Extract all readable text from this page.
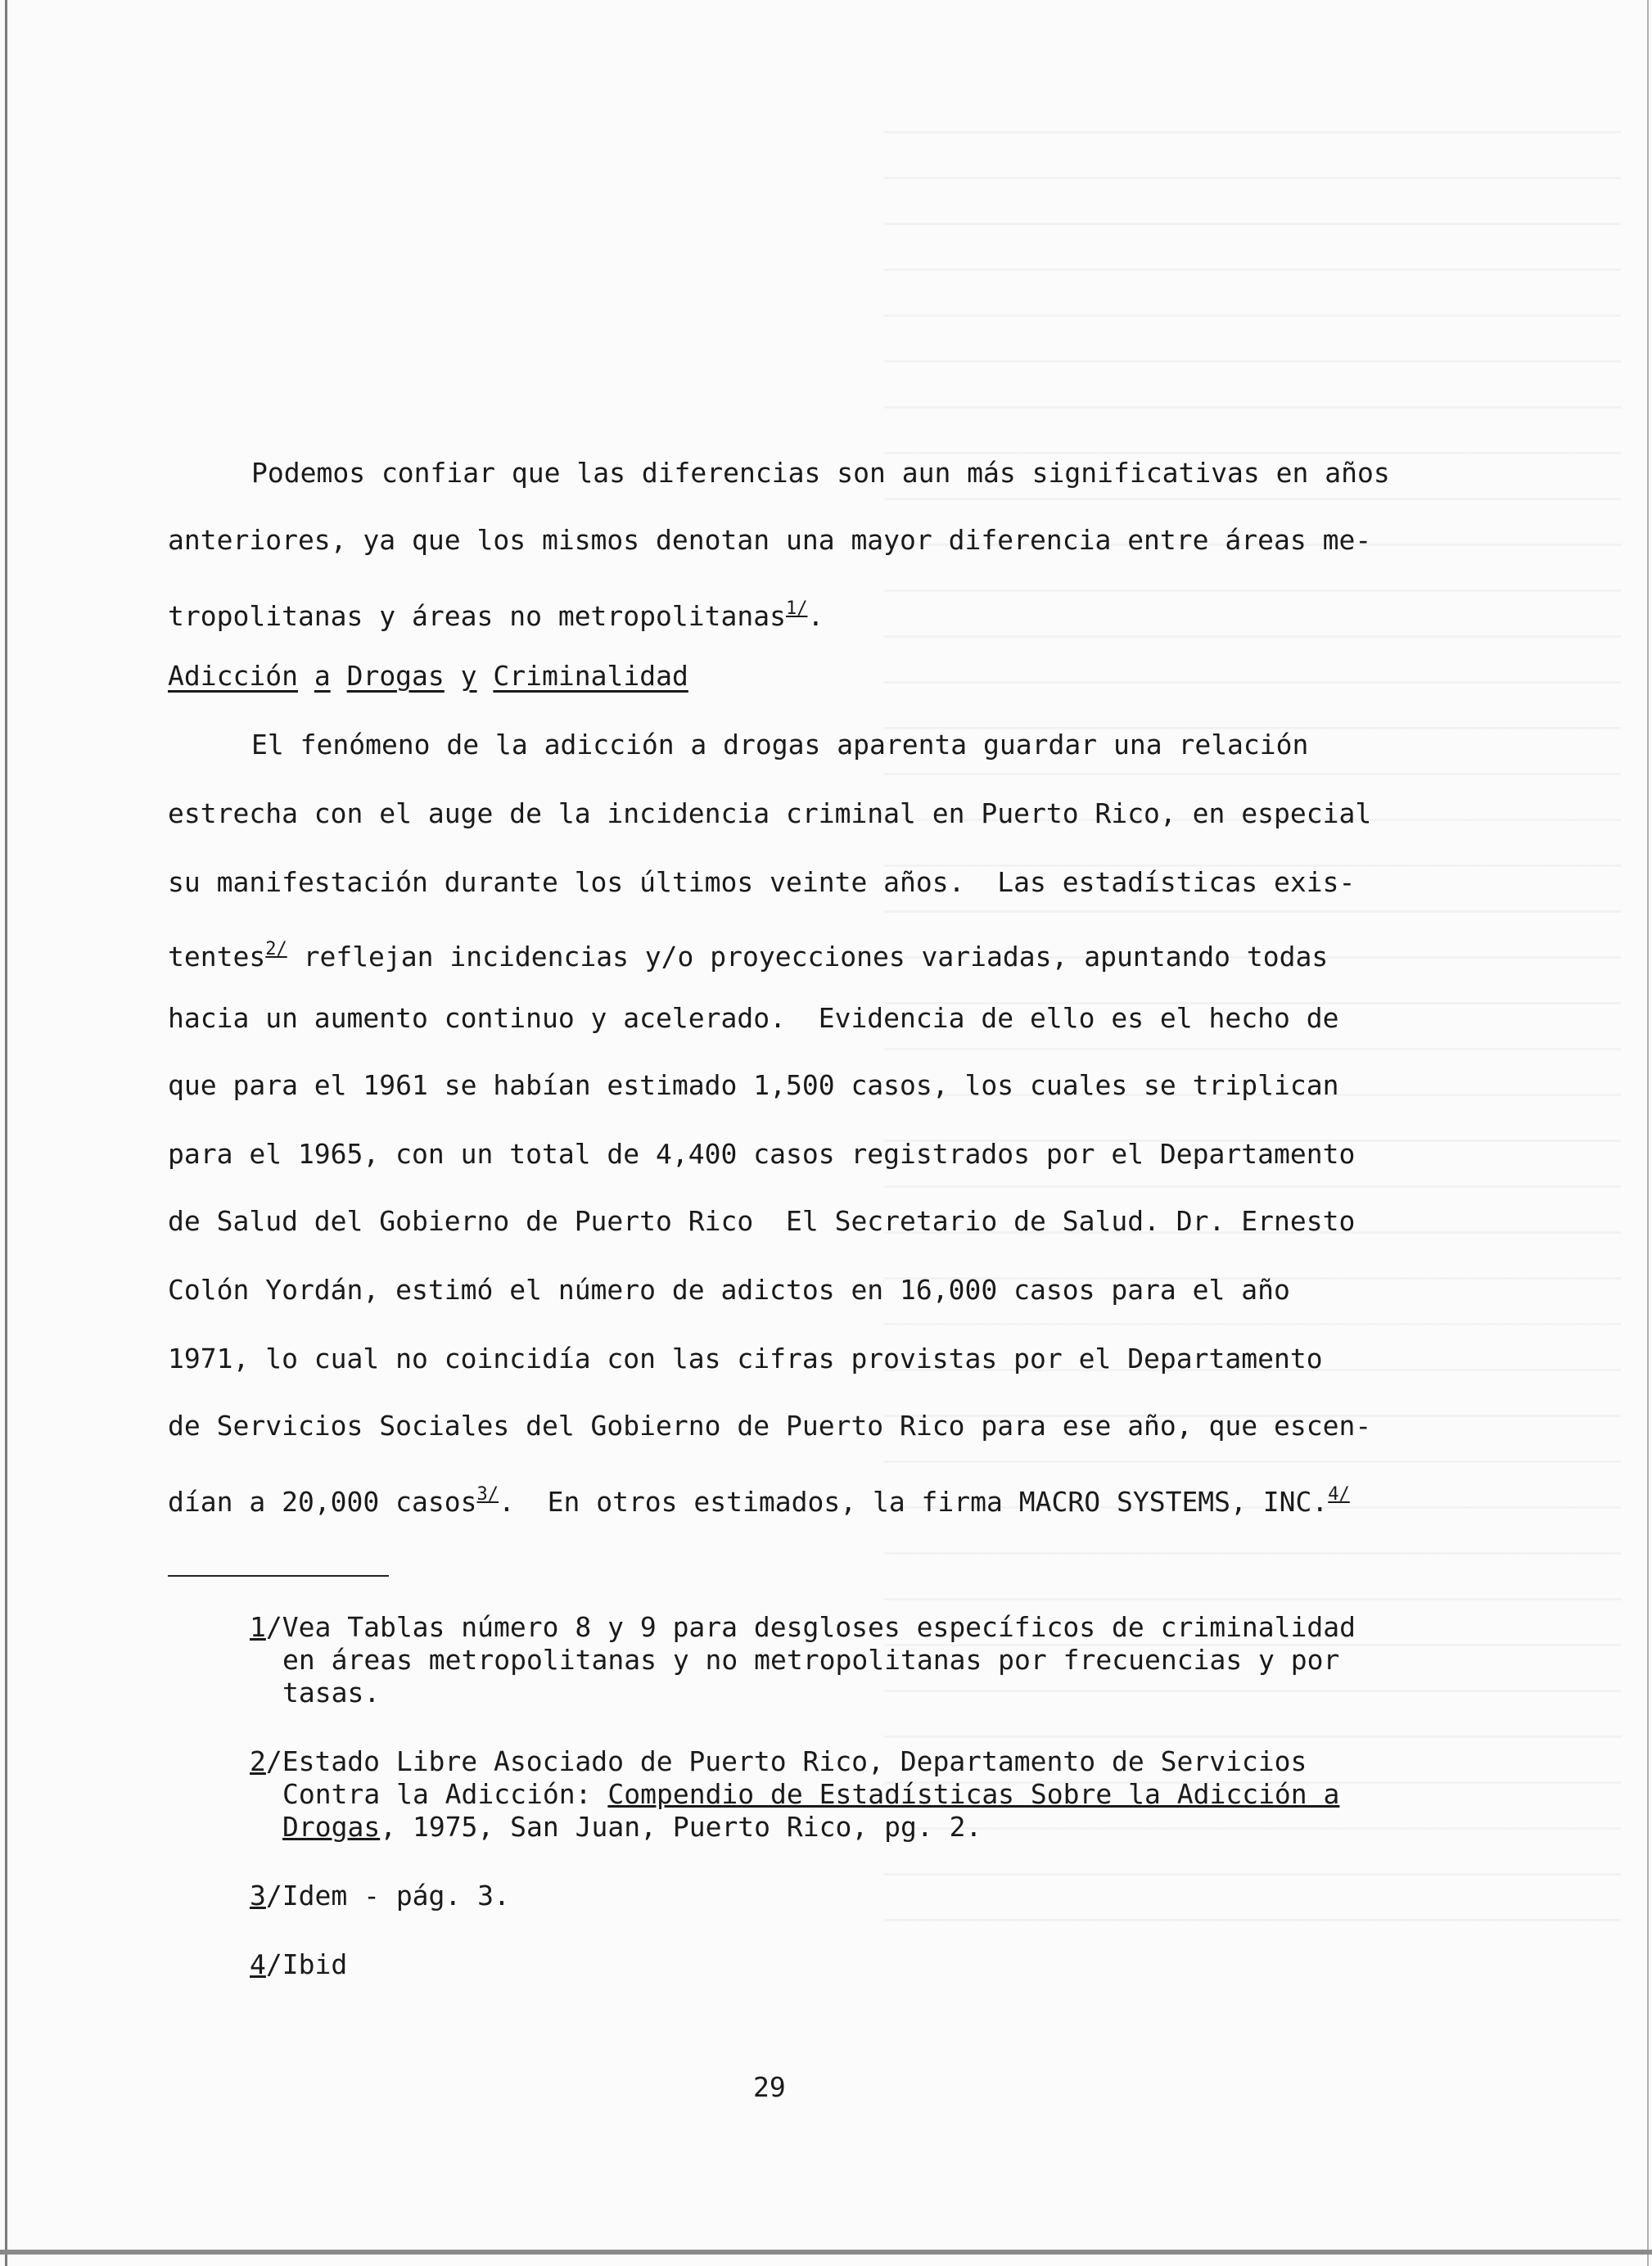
Podemos confiar que las diferencias son aun más significativas en años
anteriores, ya que los mismos denotan una mayor diferencia entre áreas me-
tropolitanas y áreas no metropolitanas$^{1/}$.
Adicción a Drogas y Criminalidad
El fenómeno de la adicción a drogas aparenta guardar una relación
estrecha con el auge de la incidencia criminal en Puerto Rico, en especial
su manifestación durante los últimos veinte años.  Las estadísticas exis-
tentes$^{2/}$ reflejan incidencias y/o proyecciones variadas, apuntando todas
hacia un aumento continuo y acelerado.  Evidencia de ello es el hecho de
que para el 1961 se habían estimado 1,500 casos, los cuales se triplican
para el 1965, con un total de 4,400 casos registrados por el Departamento
de Salud del Gobierno de Puerto Rico  El Secretario de Salud. Dr. Ernesto
Colón Yordán, estimó el número de adictos en 16,000 casos para el año
1971, lo cual no coincidía con las cifras provistas por el Departamento
de Servicios Sociales del Gobierno de Puerto Rico para ese año, que escen-
dían a 20,000 casos$^{3/}$.  En otros estimados, la firma MACRO SYSTEMS, INC.$^{4/}$
1/Vea Tablas número 8 y 9 para desgloses específicos de criminalidad
en áreas metropolitanas y no metropolitanas por frecuencias y por
tasas.
2/Estado Libre Asociado de Puerto Rico, Departamento de Servicios
Contra la Adicción: Compendio de Estadísticas Sobre la Adicción a
Drogas, 1975, San Juan, Puerto Rico, pg. 2.
3/Idem - pág. 3.
4/Ibid
29
